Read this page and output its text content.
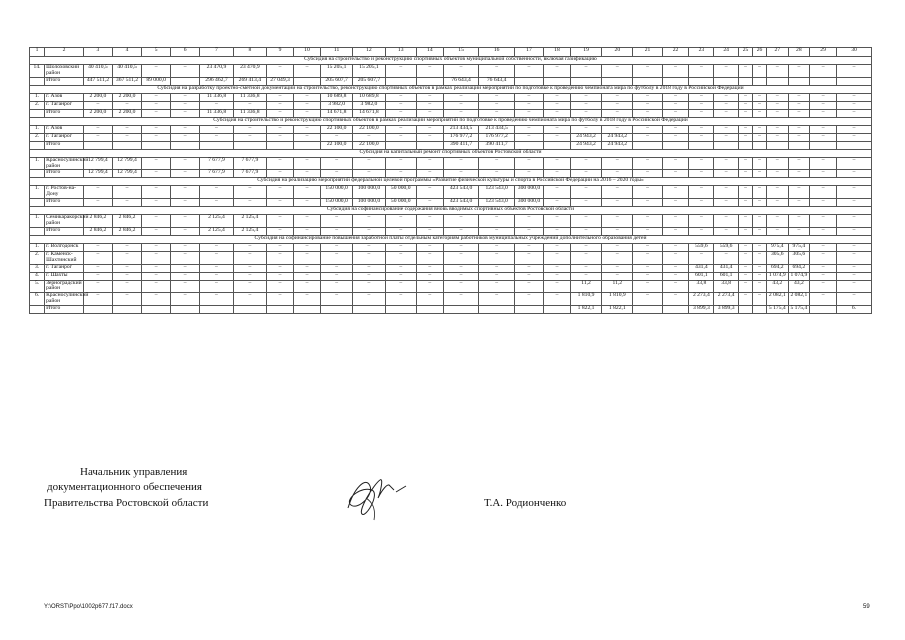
1	2	3	4	5	6	7	8	9	10	11	12	13	14	15	16	17	18	19	20	21	22	23	24	25	26	27	28	29	30
Субсидия на строительство и реконструкцию спортивных объектов муниципальной собственности, включая газификацию																													
14.	Шолоховский район	40 410,5	40 410,5	–	–	23 470,9	23 470,9	–	–	15 205,1	15 205,1	–	–	–	–	–	–	–	–	–	–	–	–	–	–	–	–	–	–
	Итого	447 511,2	367 511,2	89 000,0		296 462,7	269 413,4	27 049,3		205 607,7	205 607,7			76 643,4	76 643,4														
Субсидия на разработку проектно-сметной документации на строительство, реконструкцию спортивных объектов в рамках реализации мероприятий по подготовке к проведению чемпионата мира по футболу в 2018 году в Российской Федерации																													
1.	г. Азов	2 200,0	2 200,0	–	–	11 336,8	11 336,8	–	–	10 689,8	10 689,8	–	–	–	–	–	–	–	–	–	–	–	–	–	–	–	–	–	–
2.	г. Таганрог	–	–	–	–	–	–	–	–	3 982,0	3 982,0	–	–	–	–	–	–	–	–	–	–	–	–	–	–	–	–	–	–
	Итого	2 200,0	2 200,0	–	–	11 336,8	11 336,8	–	–	14 671,8	14 671,8	–	–	–	–	–	–	–	–	–	–	–	–	–	–	–	–	–	–
Субсидия на строительство и реконструкцию спортивных объектов в рамках реализации мероприятий по подготовке к проведению чемпионата мира по футболу в 2018 году в Российской Федерации																													
1.	г. Азов	–	–	–	–	–	–	–	–	22 100,0	22 100,0	–	–	213 434,5	213 434,5	–	–	–	–	–	–	–	–	–	–	–	–	–	–
2.	г. Таганрог	–	–	–	–	–	–	–	–	–	–	–	–	176 977,2	176 977,2	–	–	24 943,2	24 943,2	–	–	–	–	–	–	–	–	–	–
	Итого									22 100,0	22 100,0			390 411,7	390 411,7			24 943,2	24 943,2										
Субсидия на капитальный ремонт спортивных объектов Ростовской области																													
1.	Красносулинский район	12 799,4	12 799,4	–	–	7 677,9	7 677,9	–	–	–	–	–	–	–	–	–	–	–	–	–	–	–	–	–	–	–	–	–	–
	Итого	12 799,4	12 799,4	–	–	7 677,9	7 677,9	–	–	–	–	–	–	–	–	–	–	–	–	–	–	–	–	–	–	–	–	–	–
Субсидия на реализацию мероприятий федеральной целевой программы «Развитие физической культуры и спорта в Российской Федерации на 2016 – 2020 годы»																													
1.	г. Ростов-на-Дону	–	–	–	–	–	–	–	–	150 000,0	100 000,0	50 000,0	–	423 543,0	123 543,0	300 000,0	–	–	–	–	–	–	–	–	–	–	–	–	–
	Итого	–	–	–	–	–	–	–	–	150 000,0	100 000,0	50 000,0	–	423 543,0	123 543,0	300 000,0	–	–	–	–	–	–	–	–	–	–	–	–	–
Субсидия на софинансирование содержания вновь вводимых спортивных объектов Ростовской области																													
1.	Семикаракорский район	2 846,2	2 846,2	–	–	2 125,4	2 125,4	–	–	–	–	–	–	–	–	–	–	–	–	–	–	–	–	–	–	–	–	–	–
	Итого	2 846,2	2 846,2	–	–	2 125,4	2 125,4	–	–	–	–	–	–	–	–	–	–	–	–	–	–	–	–	–	–	–	–	–	–
Субсидия на софинансирование повышения заработной платы отдельным категориям работников муниципальных учреждений дополнительного образования детей																													
1.	г. Волгодонск	–	–	–	–	–	–	–	–	–	–	–	–	–	–	–	–	–	–	–	–	559,6	559,6	–	–	975,4	975,4	–	–
2.	г. Каменск-Шахтинский	–	–	–	–	–	–	–	–	–	–	–	–	–	–	–	–	–	–	–	–	–	–	–	–	305,6	305,6	–	–
3.	г. Таганрог	–	–	–	–	–	–	–	–	–	–	–	–	–	–	–	–	–	–	–	–	431,4	431,4	–	–	694,2	694,2	–	–
4.	г. Шахты	–	–	–	–	–	–	–	–	–	–	–	–	–	–	–	–	–	–	–	–	601,1	601,1	–	–	1 074,9	1 074,9	–	–
5.	Зерноградский район	–	–	–	–	–	–	–	–	–	–	–	–	–	–	–	–	11,2	11,2	–	–	33,8	33,8	–	–	43,2	43,2	–	–
6.	Красносулинский район	–	–	–	–	–	–	–	–	–	–	–	–	–	–	–	–	1 810,9	1 810,9	–	–	2 273,4	2 273,4	–	–	2 082,1	2 082,1	–	–
	Итого																	1 822,1	1 822,1			3 899,3	3 899,3			5 175,4	5 175,4		6.
Начальник управления
документационного обеспечения
Правительства Ростовской области	Т.А. Родионченко
Y:\ORST\Ppo\1002p677.f17.docx	59
